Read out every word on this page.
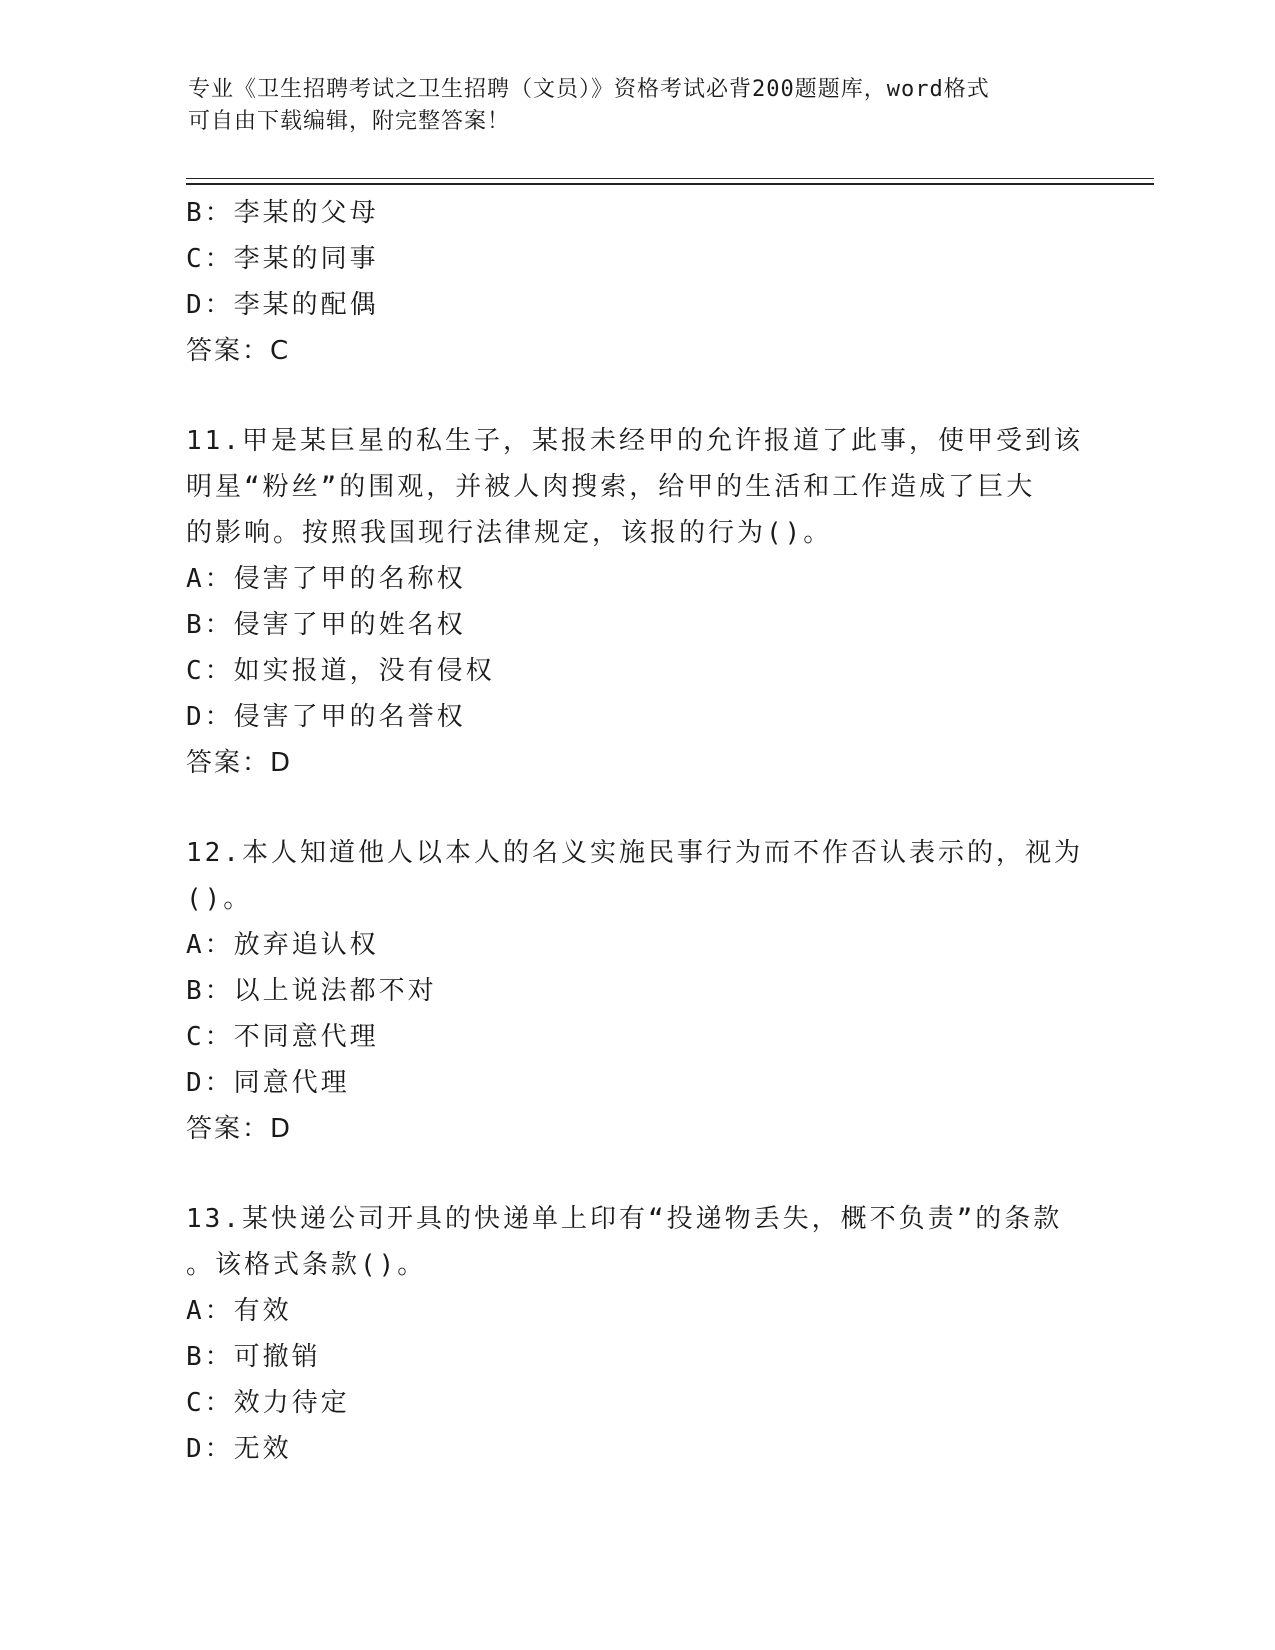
专业《卫生招聘考试之卫生招聘（文员）》资格考试必背200题题库，word格式
可自由下载编辑，附完整答案！
B：李某的父母
C：李某的同事
D：李某的配偶
答案：C
11.甲是某巨星的私生子，某报未经甲的允许报道了此事，使甲受到该
明星“粉丝”的围观，并被人肉搜索，给甲的生活和工作造成了巨大
的影响。按照我国现行法律规定，该报的行为()。
A：侵害了甲的名称权
B：侵害了甲的姓名权
C：如实报道，没有侵权
D：侵害了甲的名誉权
答案：D
12.本人知道他人以本人的名义实施民事行为而不作否认表示的，视为
()。
A：放弃追认权
B：以上说法都不对
C：不同意代理
D：同意代理
答案：D
13.某快递公司开具的快递单上印有“投递物丢失，概不负责”的条款
。该格式条款()。
A：有效
B：可撤销
C：效力待定
D：无效
